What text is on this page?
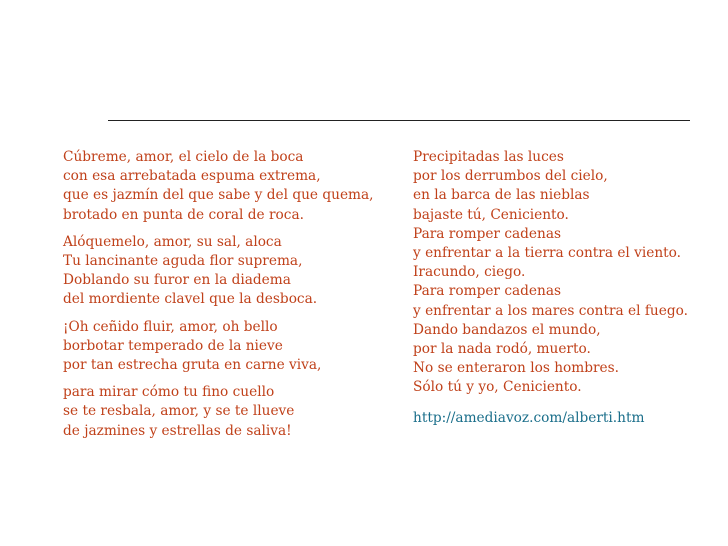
Cúbreme, amor, el cielo de la boca
con esa arrebatada espuma extrema,
que es jazmín del que sabe y del que quema,
brotado en punta de coral de roca.
Alóquemelo, amor, su sal, aloca
Tu lancinante aguda flor suprema,
Doblando su furor en la diadema
del mordiente clavel que la desboca.
¡Oh ceñido fluir, amor, oh bello
borbotar temperado de la nieve
por tan estrecha gruta en carne viva,
para mirar cómo tu fino cuello
se te resbala, amor, y se te llueve
de jazmines y estrellas de saliva!
Precipitadas las luces
por los derrumbos del cielo,
en la barca de las nieblas
bajaste tú, Ceniciento.
Para romper cadenas
y enfrentar a la tierra contra el viento.
Iracundo, ciego.
Para romper cadenas
y enfrentar a los mares contra el fuego.
Dando bandazos el mundo,
por la nada rodó, muerto.
No se enteraron los hombres.
Sólo tú y yo, Ceniciento.
http://amediavoz.com/alberti.htm
